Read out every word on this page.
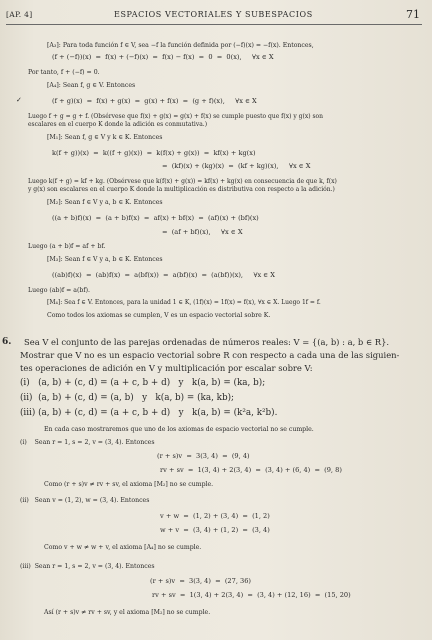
[AP. 4]	ESPACIOS VECTORIALES Y SUBESPACIOS	71
[A₃]: Para toda función f ∈ V, sea −f la función definida por (−f)(x) = −f(x). Entonces,
(f + (−f))(x)  =  f(x) + (−f)(x)  =  f(x) − f(x)  =  0  =  0(x),     ∀x ∈ X
Por tanto, f + (−f) = 0.
[A₄]: Sean f, g ∈ V. Entonces
✓	(f + g)(x)  =  f(x) + g(x)  =  g(x) + f(x)  =  (g + f)(x),     ∀x ∈ X
Luego f + g = g + f. (Obsérvese que f(x) + g(x) = g(x) + f(x) se cumple puesto que f(x) y g(x) son
escalares en el cuerpo K donde la adición es conmutativa.)
[M₁]: Sean f, g ∈ V y k ∈ K. Entonces
k(f + g))(x)  =  k((f + g)(x))  =  k(f(x) + g(x))  =  kf(x) + kg(x)
=  (kf)(x) + (kg)(x)  =  (kf + kg)(x),     ∀x ∈ X
Luego k(f + g) = kf + kg. (Obsérvese que k(f(x) + g(x)) = kf(x) + kg(x) en consecuencia de que k, f(x)
y g(x) son escalares en el cuerpo K donde la multiplicación es distributiva con respecto a la adición.)
[M₂]: Sean f ∈ V y a, b ∈ K. Entonces
((a + b)f)(x)  =  (a + b)f(x)  =  af(x) + bf(x)  =  (af)(x) + (bf)(x)
=  (af + bf)(x),     ∀x ∈ X
Luego (a + b)f = af + bf.
[M₃]: Sean f ∈ V y a, b ∈ K. Entonces
((ab)f)(x)  =  (ab)f(x)  =  a(bf(x))  =  a(bf)(x)  =  (a(bf))(x),     ∀x ∈ X
Luego (ab)f = a(bf).
[M₄]: Sea f ∈ V. Entonces, para la unidad 1 ∈ K, (1f)(x) = 1f(x) = f(x), ∀x ∈ X. Luego 1f = f.
Como todos los axiomas se cumplen, V es un espacio vectorial sobre K.
6. Sea V el conjunto de las parejas ordenadas de números reales: V = {(a, b) : a, b ∈ R}.
Mostrar que V no es un espacio vectorial sobre R con respecto a cada una de las siguien-
tes operaciones de adición en V y multiplicación por escalar sobre V:
(i)   (a, b) + (c, d) = (a + c, b + d)   y   k(a, b) = (ka, b);
(ii)  (a, b) + (c, d) = (a, b)   y   k(a, b) = (ka, kb);
(iii) (a, b) + (c, d) = (a + c, b + d)   y   k(a, b) = (k²a, k²b).
En cada caso mostraremos que uno de los axiomas de espacio vectorial no se cumple.
(i)    Sean r = 1, s = 2, v = (3, 4). Entonces
(r + s)v  =  3(3, 4)  =  (9, 4)
rv + sv  =  1(3, 4) + 2(3, 4)  =  (3, 4) + (6, 4)  =  (9, 8)
Como (r + s)v ≠ rv + sv, el axioma [M₂] no se cumple.
(ii)   Sean v = (1, 2), w = (3, 4). Entonces
v + w  =  (1, 2) + (3, 4)  =  (1, 2)
w + v  =  (3, 4) + (1, 2)  =  (3, 4)
Como v + w ≠ w + v, el axioma [A₄] no se cumple.
(iii)  Sean r = 1, s = 2, v = (3, 4). Entonces
(r + s)v  =  3(3, 4)  =  (27, 36)
rv + sv  =  1(3, 4) + 2(3, 4)  =  (3, 4) + (12, 16)  =  (15, 20)
Así (r + s)v ≠ rv + sv, y el axioma [M₂] no se cumple.
